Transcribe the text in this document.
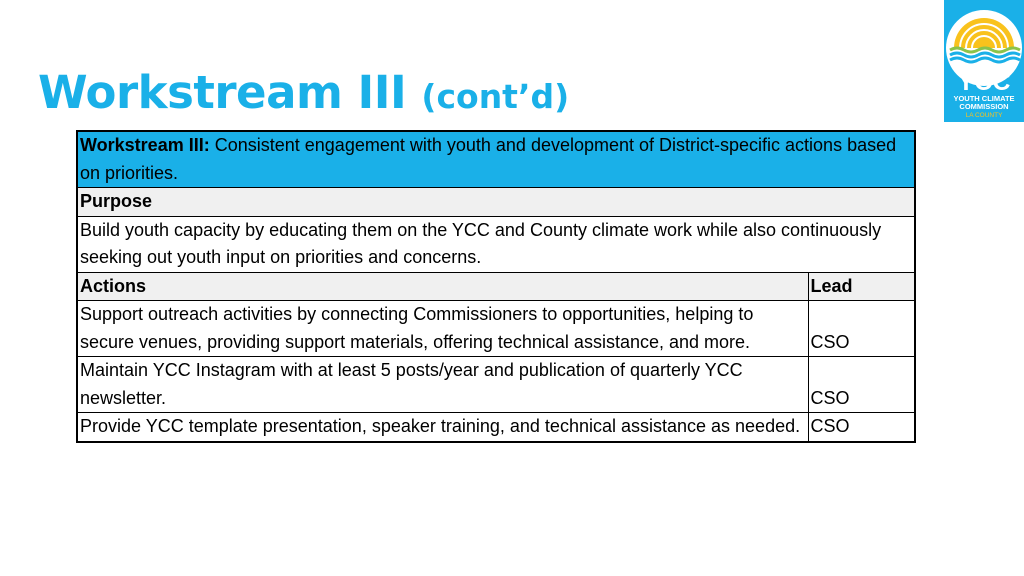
Workstream III (cont’d)	YCC
YOUTH CLIMATE
COMMISSION
LA COUNTY
Workstream III: Consistent engagement with youth and development of District-specific actions based on priorities.	
Purpose	
Build youth capacity by educating them on the YCC and County climate work while also continuously seeking out youth input on priorities and concerns.	
Actions	Lead
Support outreach activities by connecting Commissioners to opportunities, helping to secure venues, providing support materials, offering technical assistance, and more.	CSO
Maintain YCC Instagram with at least 5 posts/year and publication of quarterly YCC newsletter.	CSO
Provide YCC template presentation, speaker training, and technical assistance as needed.	CSO
